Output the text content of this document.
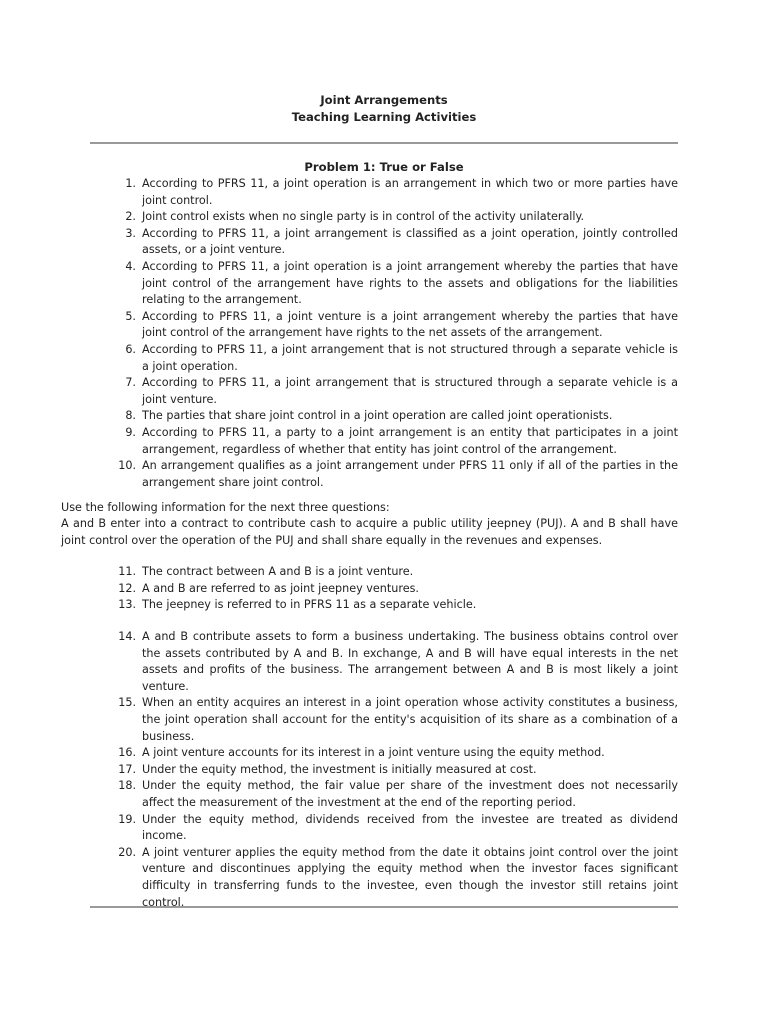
Joint Arrangements
Teaching Learning Activities
Problem 1: True or False
1. According to PFRS 11, a joint operation is an arrangement in which two or more parties have joint control.
2. Joint control exists when no single party is in control of the activity unilaterally.
3. According to PFRS 11, a joint arrangement is classified as a joint operation, jointly controlled assets, or a joint venture.
4. According to PFRS 11, a joint operation is a joint arrangement whereby the parties that have joint control of the arrangement have rights to the assets and obligations for the liabilities relating to the arrangement.
5. According to PFRS 11, a joint venture is a joint arrangement whereby the parties that have joint control of the arrangement have rights to the net assets of the arrangement.
6. According to PFRS 11, a joint arrangement that is not structured through a separate vehicle is a joint operation.
7. According to PFRS 11, a joint arrangement that is structured through a separate vehicle is a joint venture.
8. The parties that share joint control in a joint operation are called joint operationists.
9. According to PFRS 11, a party to a joint arrangement is an entity that participates in a joint arrangement, regardless of whether that entity has joint control of the arrangement.
10. An arrangement qualifies as a joint arrangement under PFRS 11 only if all of the parties in the arrangement share joint control.
Use the following information for the next three questions:
A and B enter into a contract to contribute cash to acquire a public utility jeepney (PUJ). A and B shall have joint control over the operation of the PUJ and shall share equally in the revenues and expenses.
11. The contract between A and B is a joint venture.
12. A and B are referred to as joint jeepney ventures.
13. The jeepney is referred to in PFRS 11 as a separate vehicle.
14. A and B contribute assets to form a business undertaking. The business obtains control over the assets contributed by A and B. In exchange, A and B will have equal interests in the net assets and profits of the business. The arrangement between A and B is most likely a joint venture.
15. When an entity acquires an interest in a joint operation whose activity constitutes a business, the joint operation shall account for the entity's acquisition of its share as a combination of a business.
16. A joint venture accounts for its interest in a joint venture using the equity method.
17. Under the equity method, the investment is initially measured at cost.
18. Under the equity method, the fair value per share of the investment does not necessarily affect the measurement of the investment at the end of the reporting period.
19. Under the equity method, dividends received from the investee are treated as dividend income.
20. A joint venturer applies the equity method from the date it obtains joint control over the joint venture and discontinues applying the equity method when the investor faces significant difficulty in transferring funds to the investee, even though the investor still retains joint control.
